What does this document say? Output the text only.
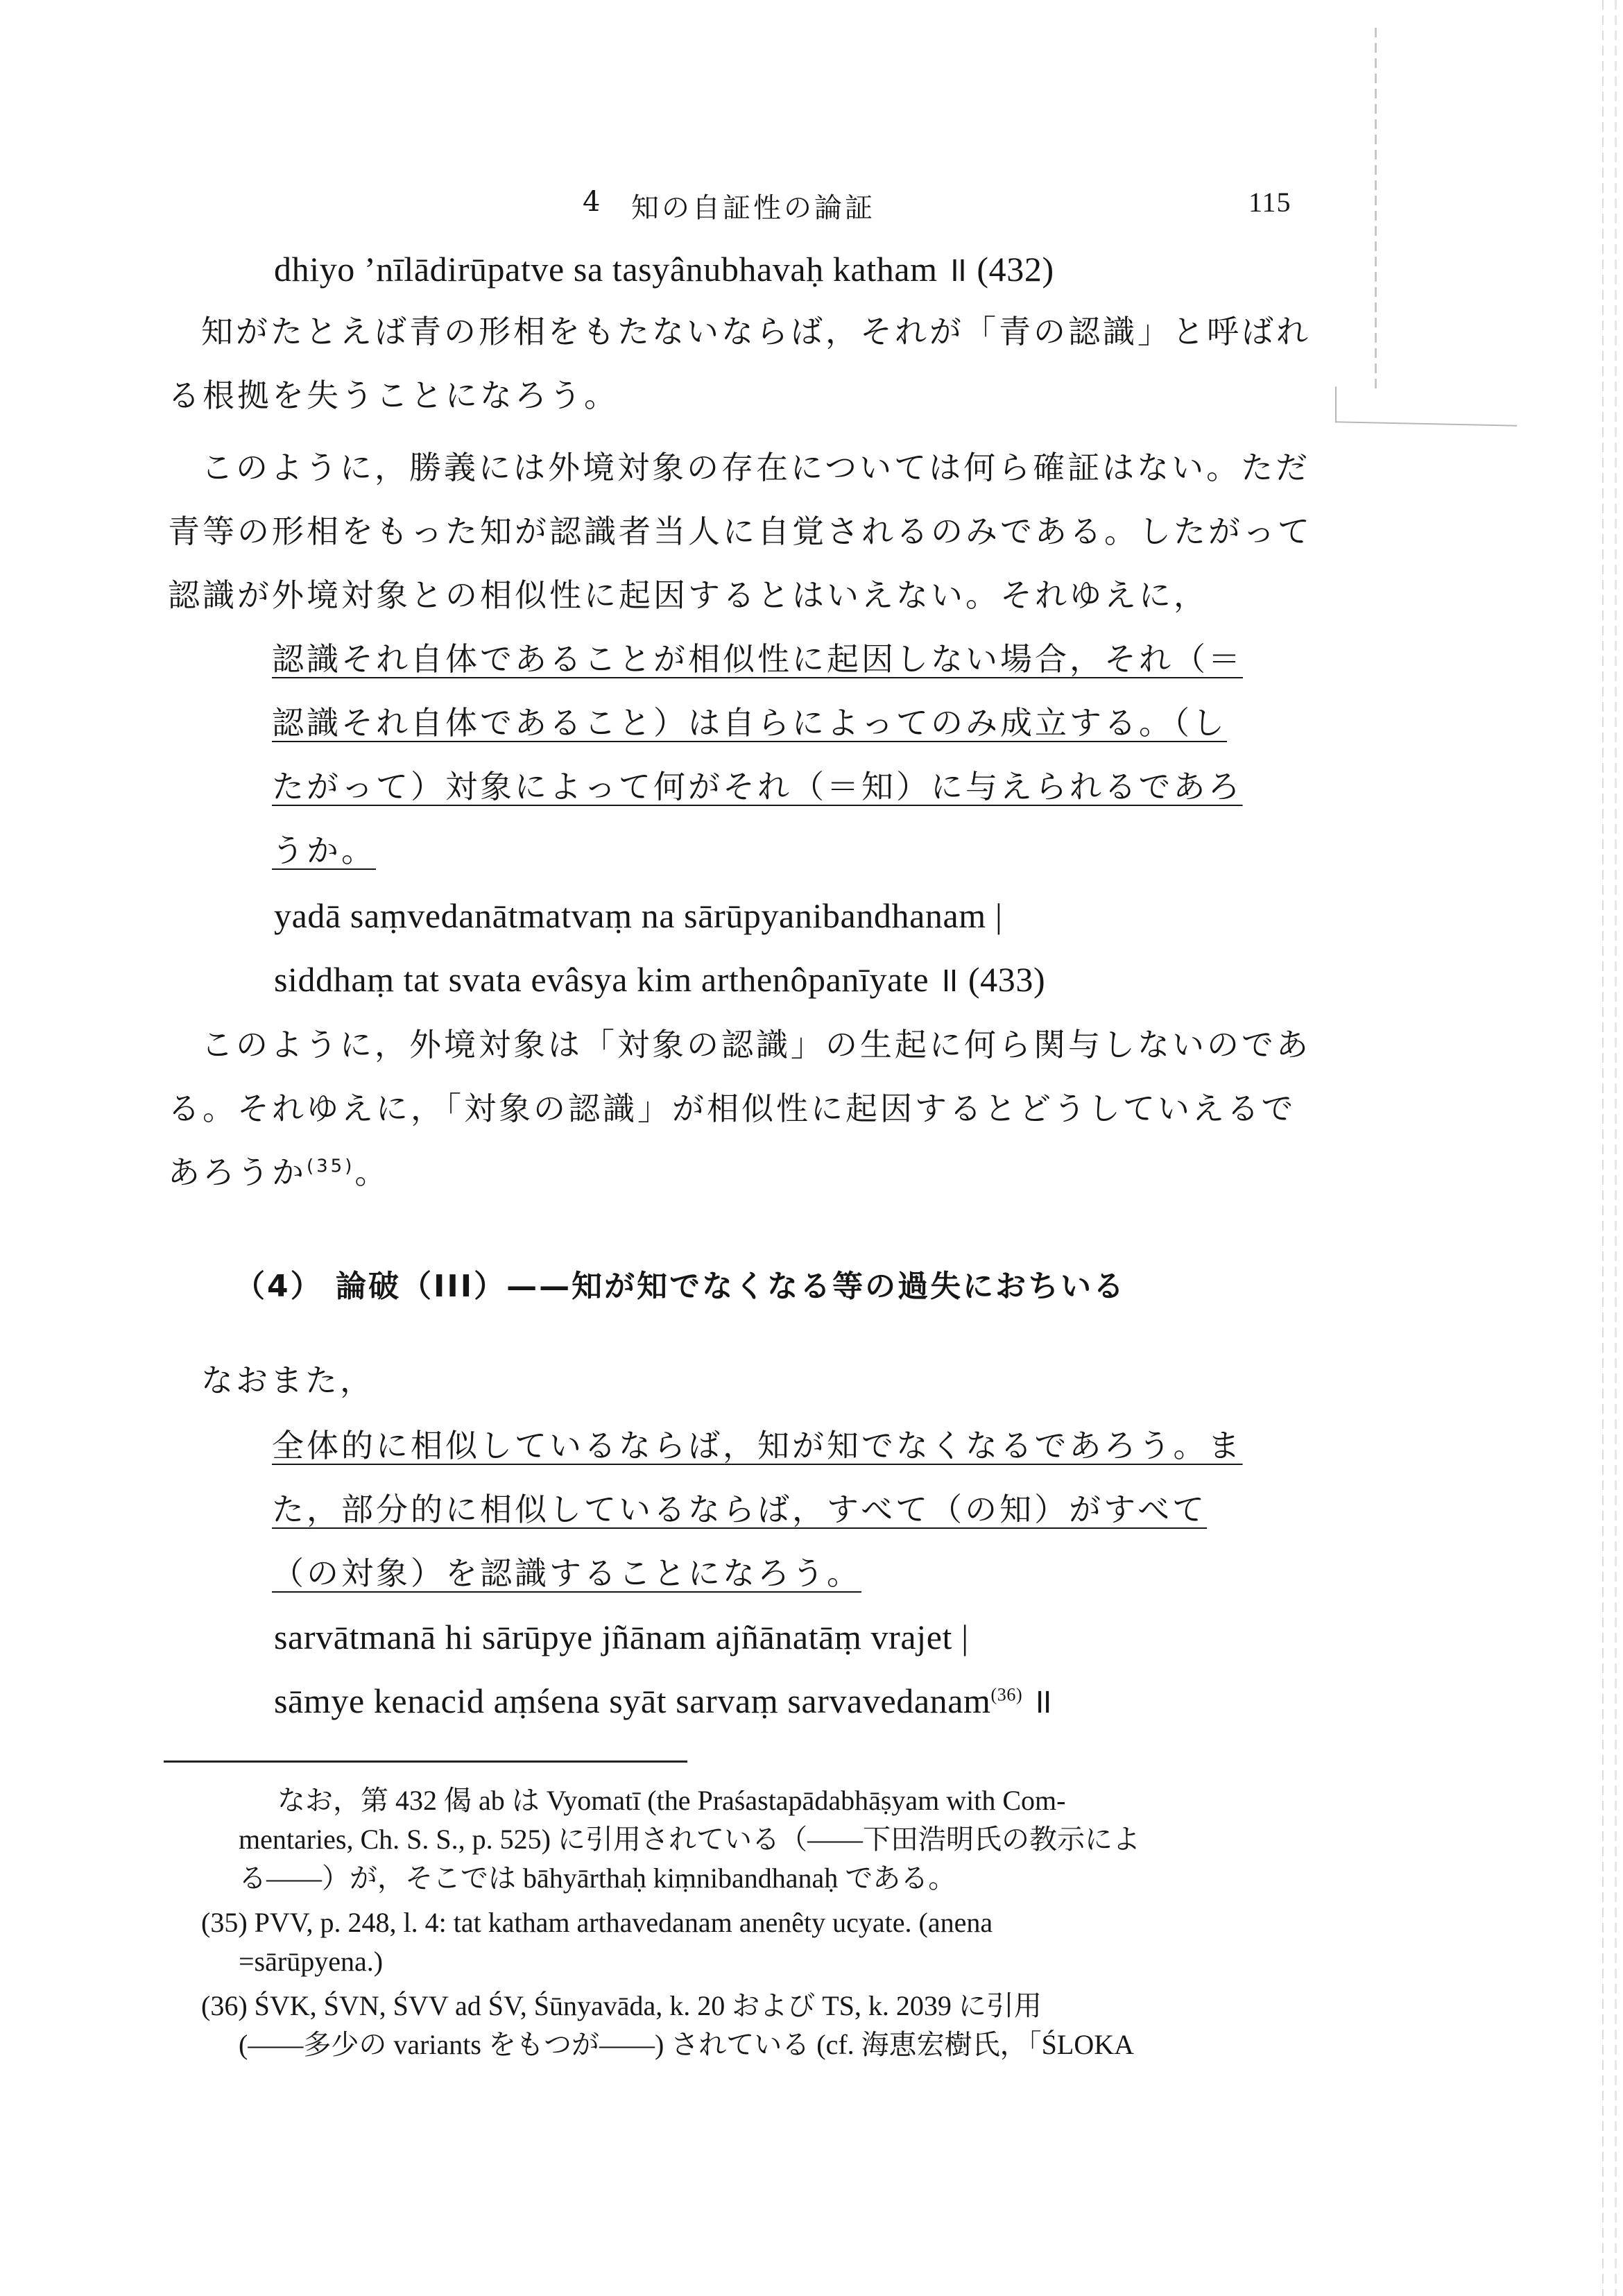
4 知の自証性の論証	115
dhiyo ’nīlādirūpatve sa tasyânubhavaḥ katham ॥ (432)
知がたとえば青の形相をもたないならば，それが「青の認識」と呼ばれ
る根拠を失うことになろう。
このように，勝義には外境対象の存在については何ら確証はない。ただ
青等の形相をもった知が認識者当人に自覚されるのみである。したがって
認識が外境対象との相似性に起因するとはいえない。それゆえに，
認識それ自体であることが相似性に起因しない場合，それ（＝
認識それ自体であること）は自らによってのみ成立する。（し
たがって）対象によって何がそれ（＝知）に与えられるであろ
うか。
yadā saṃvedanātmatvaṃ na sārūpyanibandhanam |
siddhaṃ tat svata evâsya kim arthenôpanīyate ॥ (433)
このように，外境対象は「対象の認識」の生起に何ら関与しないのであ
る。それゆえに，「対象の認識」が相似性に起因するとどうしていえるで
あろうか$^{(35)}$。
（4） 論破（III）——知が知でなくなる等の過失におちいる
なおまた，
全体的に相似しているならば，知が知でなくなるであろう。ま
た，部分的に相似しているならば，すべて（の知）がすべて
（の対象）を認識することになろう。
sarvātmanā hi sārūpye jñānam ajñānatāṃ vrajet |
sāmye kenacid aṃśena syāt sarvaṃ sarvavedanam$^{(36)}$ ॥
なお，第 432 偈 ab は Vyomatī (the Praśastapādabhāṣyam with Com-
mentaries, Ch. S. S., p. 525) に引用されている（——下田浩明氏の教示によ
る——）が，そこでは bāhyārthaḥ kiṃnibandhanaḥ である。
(35) PVV, p. 248, l. 4: tat katham arthavedanam anenêty ucyate. (anena
=sārūpyena.)
(36) ŚVK, ŚVN, ŚVV ad ŚV, Śūnyavāda, k. 20 および TS, k. 2039 に引用
(——多少の variants をもつが——) されている (cf. 海恵宏樹氏，「ŚLOKA
